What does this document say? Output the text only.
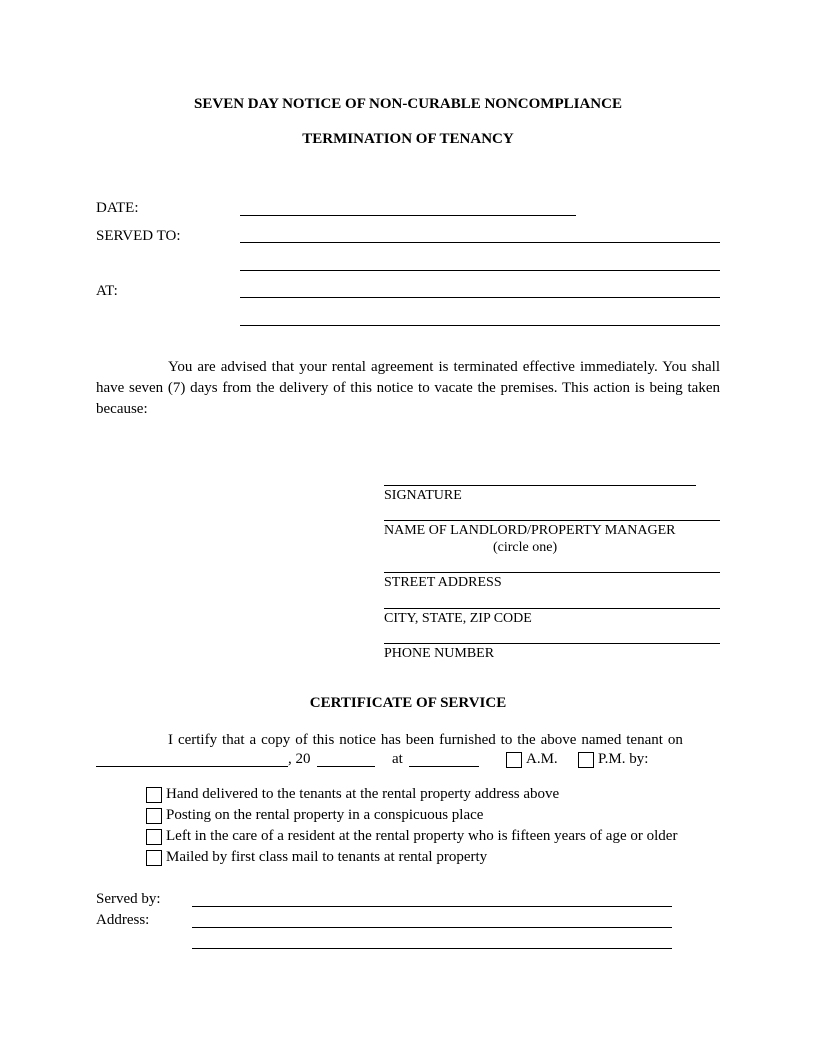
SEVEN DAY NOTICE OF NON-CURABLE NONCOMPLIANCE
TERMINATION OF TENANCY
DATE:
SERVED TO:
AT:
You are advised that your rental agreement is terminated effective immediately. You shall have seven (7) days from the delivery of this notice to vacate the premises. This action is being taken because:
SIGNATURE
NAME OF LANDLORD/PROPERTY MANAGER
(circle one)
STREET ADDRESS
CITY, STATE, ZIP CODE
PHONE NUMBER
CERTIFICATE OF SERVICE
I certify that a copy of this notice has been furnished to the above named tenant on
, 20	at	A.M.	P.M. by:
Hand delivered to the tenants at the rental property address above
Posting on the rental property in a conspicuous place
Left in the care of a resident at the rental property who is fifteen years of age or older
Mailed by first class mail to tenants at rental property
Served by:
Address:
